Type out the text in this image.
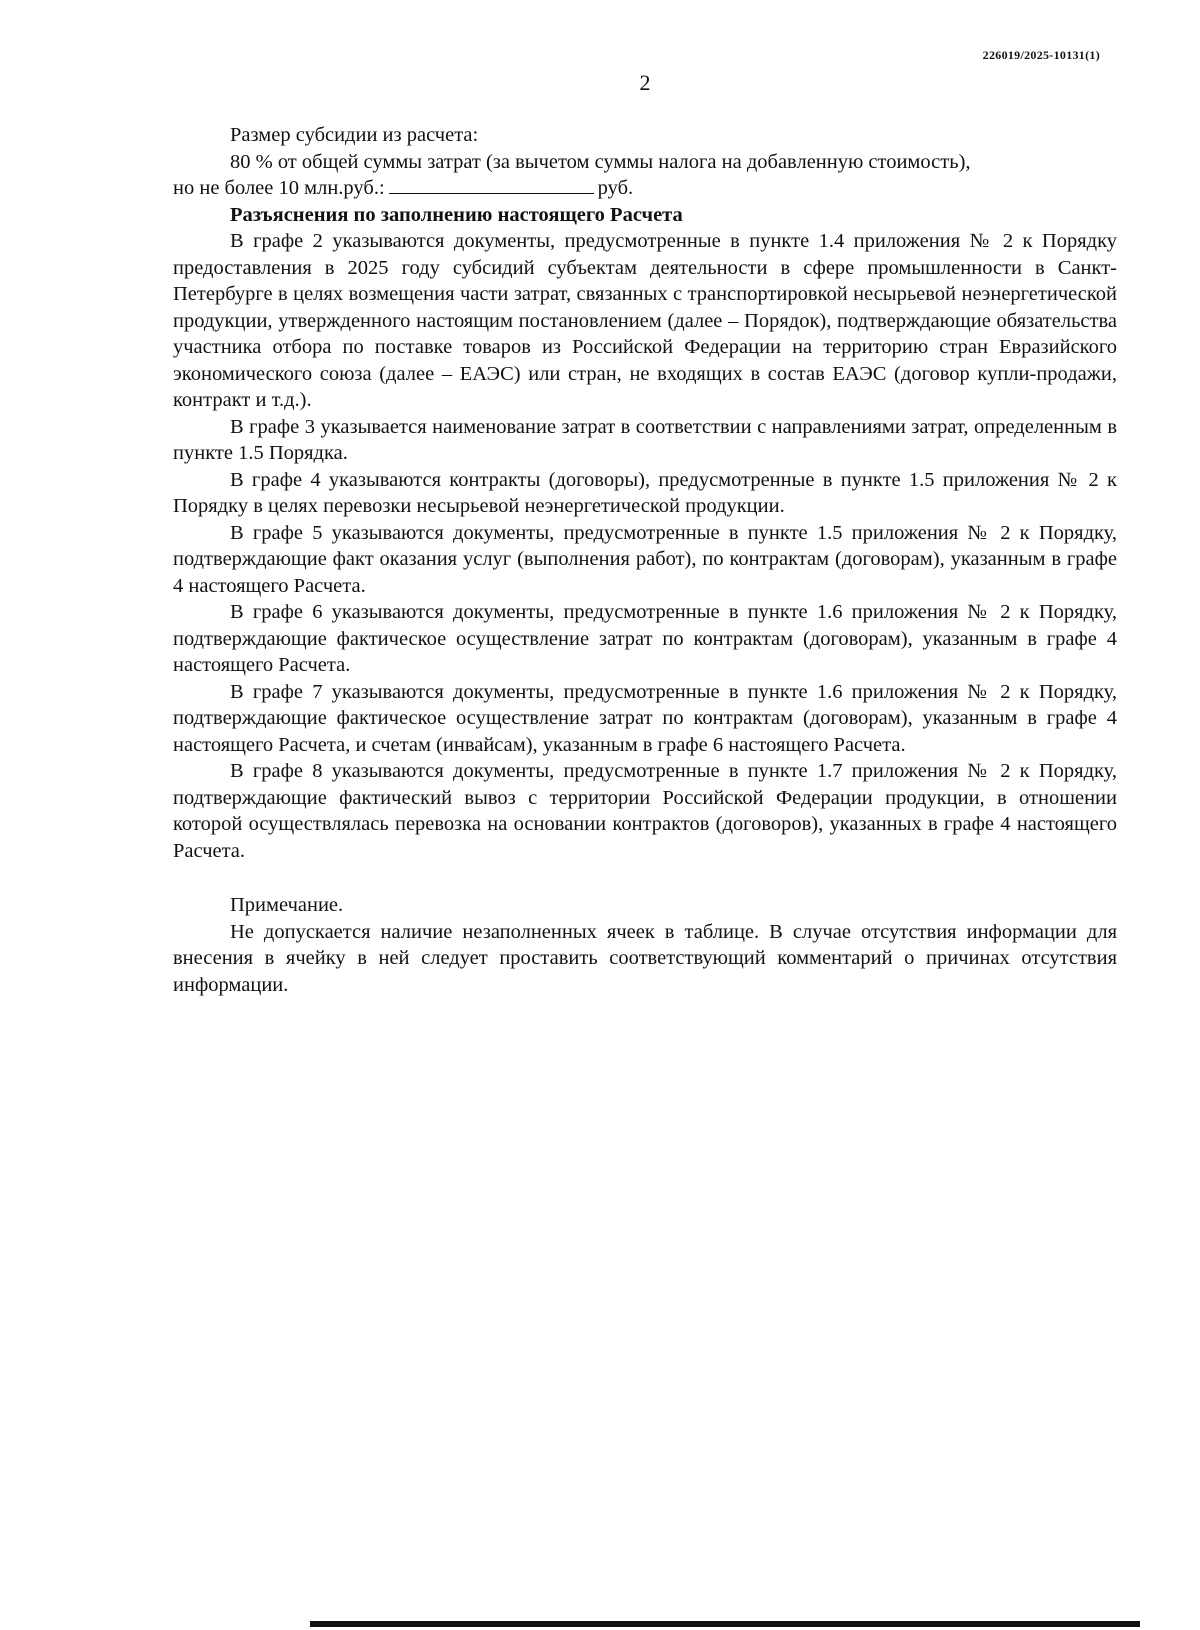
226019/2025-10131(1)
2

Размер субсидии из расчета:

80 % от общей суммы затрат (за вычетом суммы налога на добавленную стоимость),

но не более 10 млн.руб.:	руб.

Разъяснения по заполнению настоящего Расчета

В графе 2 указываются документы, предусмотренные в пункте 1.4 приложения № 2 к Порядку предоставления в 2025 году субсидий субъектам деятельности в сфере промышленности в Санкт-Петербурге в целях возмещения части затрат, связанных с транспортировкой несырьевой неэнергетической продукции, утвержденного настоящим постановлением (далее – Порядок), подтверждающие обязательства участника отбора по поставке товаров из Российской Федерации на территорию стран Евразийского экономического союза (далее – ЕАЭС) или стран, не входящих в состав ЕАЭС (договор купли-продажи, контракт и т.д.).

В графе 3 указывается наименование затрат в соответствии с направлениями затрат, определенным в пункте 1.5 Порядка.

В графе 4 указываются контракты (договоры), предусмотренные в пункте 1.5 приложения № 2 к Порядку в целях перевозки несырьевой неэнергетической продукции.

В графе 5 указываются документы, предусмотренные в пункте 1.5 приложения № 2 к Порядку, подтверждающие факт оказания услуг (выполнения работ), по контрактам (договорам), указанным в графе 4 настоящего Расчета.

В графе 6 указываются документы, предусмотренные в пункте 1.6 приложения № 2 к Порядку, подтверждающие фактическое осуществление затрат по контрактам (договорам), указанным в графе 4 настоящего Расчета.

В графе 7 указываются документы, предусмотренные в пункте 1.6 приложения № 2 к Порядку, подтверждающие фактическое осуществление затрат по контрактам (договорам), указанным в графе 4 настоящего Расчета, и счетам (инвайсам), указанным в графе 6 настоящего Расчета.

В графе 8 указываются документы, предусмотренные в пункте 1.7 приложения № 2 к Порядку, подтверждающие фактический вывоз с территории Российской Федерации продукции, в отношении которой осуществлялась перевозка на основании контрактов (договоров), указанных в графе 4 настоящего Расчета.

Примечание.

Не допускается наличие незаполненных ячеек в таблице. В случае отсутствия информации для внесения в ячейку в ней следует проставить соответствующий комментарий о причинах отсутствия информации.
